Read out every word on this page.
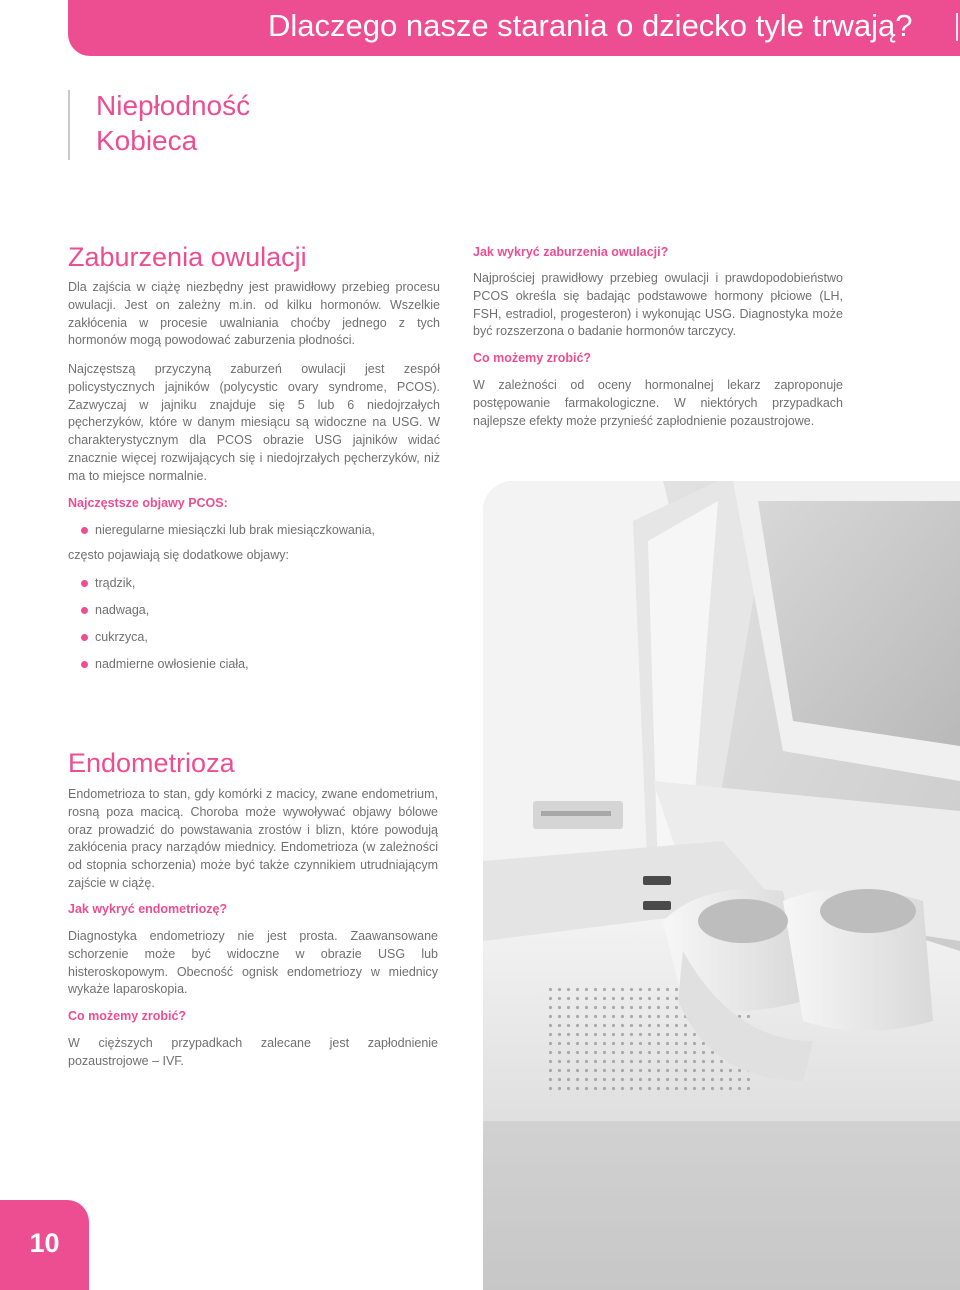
Dlaczego nasze starania o dziecko tyle trwają?
Niepłodność
Kobieca
Zaburzenia owulacji

Dla zajścia w ciążę niezbędny jest prawidłowy przebieg procesu owulacji. Jest on zależny m.in. od kilku hormonów. Wszelkie zakłócenia w procesie uwalniania choćby jednego z tych hormonów mogą powodować zaburzenia płodności.

Najczęstszą przyczyną zaburzeń owulacji jest zespół policystycznych jajników (polycystic ovary syndrome, PCOS). Zazwyczaj w jajniku znajduje się 5 lub 6 niedojrzałych pęcherzyków, które w danym miesiącu są widoczne na USG. W charakterystycznym dla PCOS obrazie USG jajników widać znacznie więcej rozwijających się i niedojrzałych pęcherzyków, niż ma to miejsce normalnie.

Najczęstsze objawy PCOS:
nieregularne miesiączki lub brak miesiączkowania,

często pojawiają się dodatkowe objawy:

trądzik,
nadwaga,
cukrzyca,
nadmierne owłosienie ciała,
Jak wykryć zaburzenia owulacji?

Najprościej prawidłowy przebieg owulacji i prawdopodobieństwo PCOS określa się badając podstawowe hormony płciowe (LH, FSH, estradiol, progesteron) i wykonując USG. Diagnostyka może być rozszerzona o badanie hormonów tarczycy.

Co możemy zrobić?

W zależności od oceny hormonalnej lekarz zaproponuje postępowanie farmakologiczne. W niektórych przypadkach najlepsze efekty może przynieść zapłodnienie pozaustrojowe.

Endometrioza

Endometrioza to stan, gdy komórki z macicy, zwane endometrium, rosną poza macicą. Choroba może wywoływać objawy bólowe oraz prowadzić do powstawania zrostów i blizn, które powodują zakłócenia pracy narządów miednicy. Endometrioza (w zależności od stopnia schorzenia) może być także czynnikiem utrudniającym zajście w ciążę.

Jak wykryć endometriozę?

Diagnostyka endometriozy nie jest prosta. Zaawansowane schorzenie może być widoczne w obrazie USG lub histeroskopowym. Obecność ognisk endometriozy w miednicy wykaże laparoskopia.

Co możemy zrobić?

W cięższych przypadkach zalecane jest zapłodnienie pozaustrojowe – IVF.

10
